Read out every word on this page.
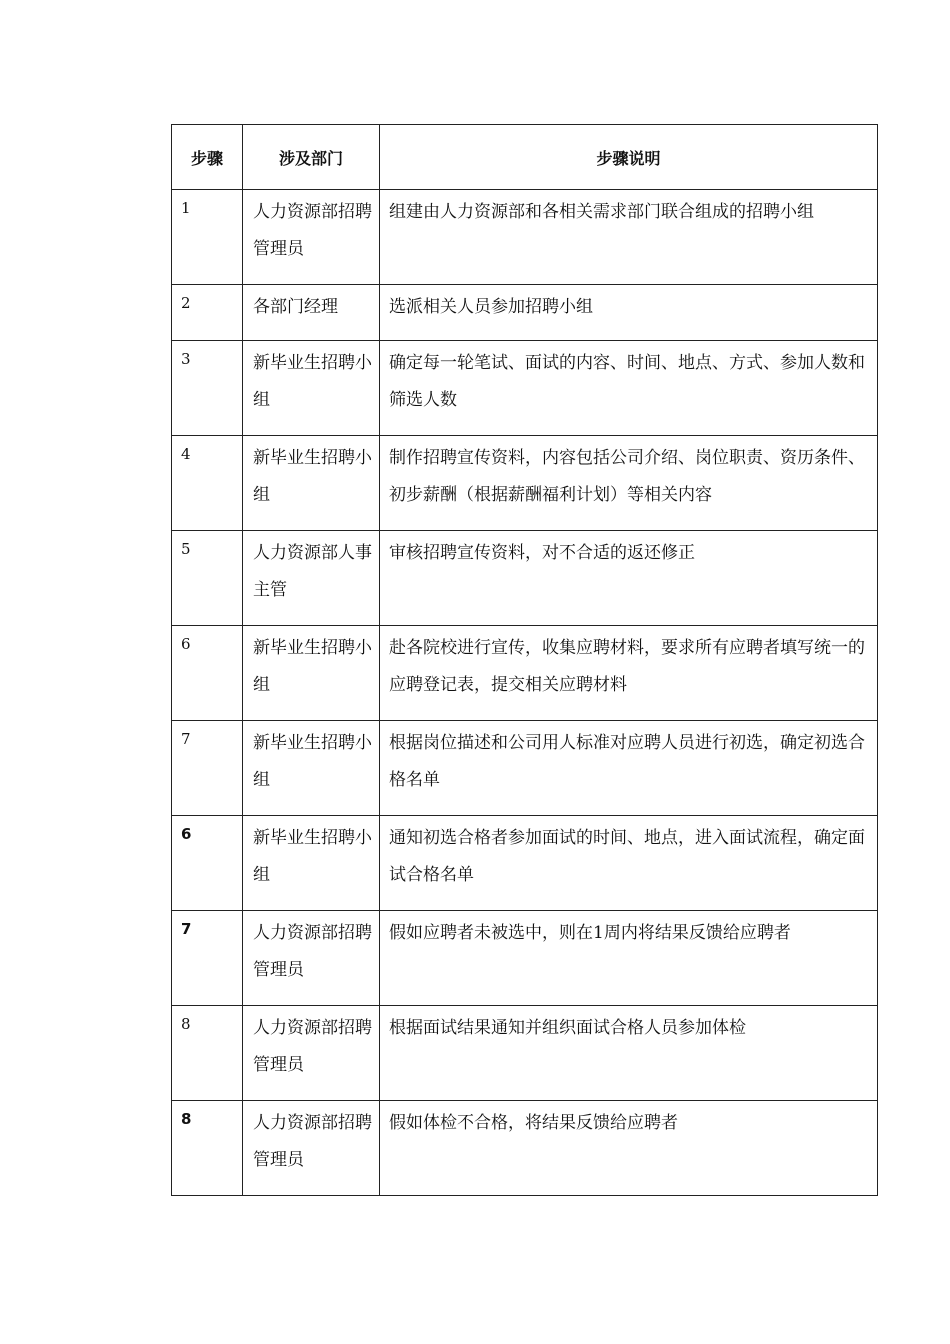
步骤	涉及部门	步骤说明
1	人力资源部招聘管理员	组建由人力资源部和各相关需求部门联合组成的招聘小组
2	各部门经理	选派相关人员参加招聘小组
3	新毕业生招聘小组	确定每一轮笔试、面试的内容、时间、地点、方式、参加人数和筛选人数
4	新毕业生招聘小组	制作招聘宣传资料，内容包括公司介绍、岗位职责、资历条件、初步薪酬（根据薪酬福利计划）等相关内容
5	人力资源部人事主管	审核招聘宣传资料，对不合适的返还修正
6	新毕业生招聘小组	赴各院校进行宣传，收集应聘材料，要求所有应聘者填写统一的应聘登记表，提交相关应聘材料
7	新毕业生招聘小组	根据岗位描述和公司用人标准对应聘人员进行初选，确定初选合格名单
6	新毕业生招聘小组	通知初选合格者参加面试的时间、地点，进入面试流程，确定面试合格名单
7	人力资源部招聘管理员	假如应聘者未被选中，则在1周内将结果反馈给应聘者
8	人力资源部招聘管理员	根据面试结果通知并组织面试合格人员参加体检
8	人力资源部招聘管理员	假如体检不合格，将结果反馈给应聘者
